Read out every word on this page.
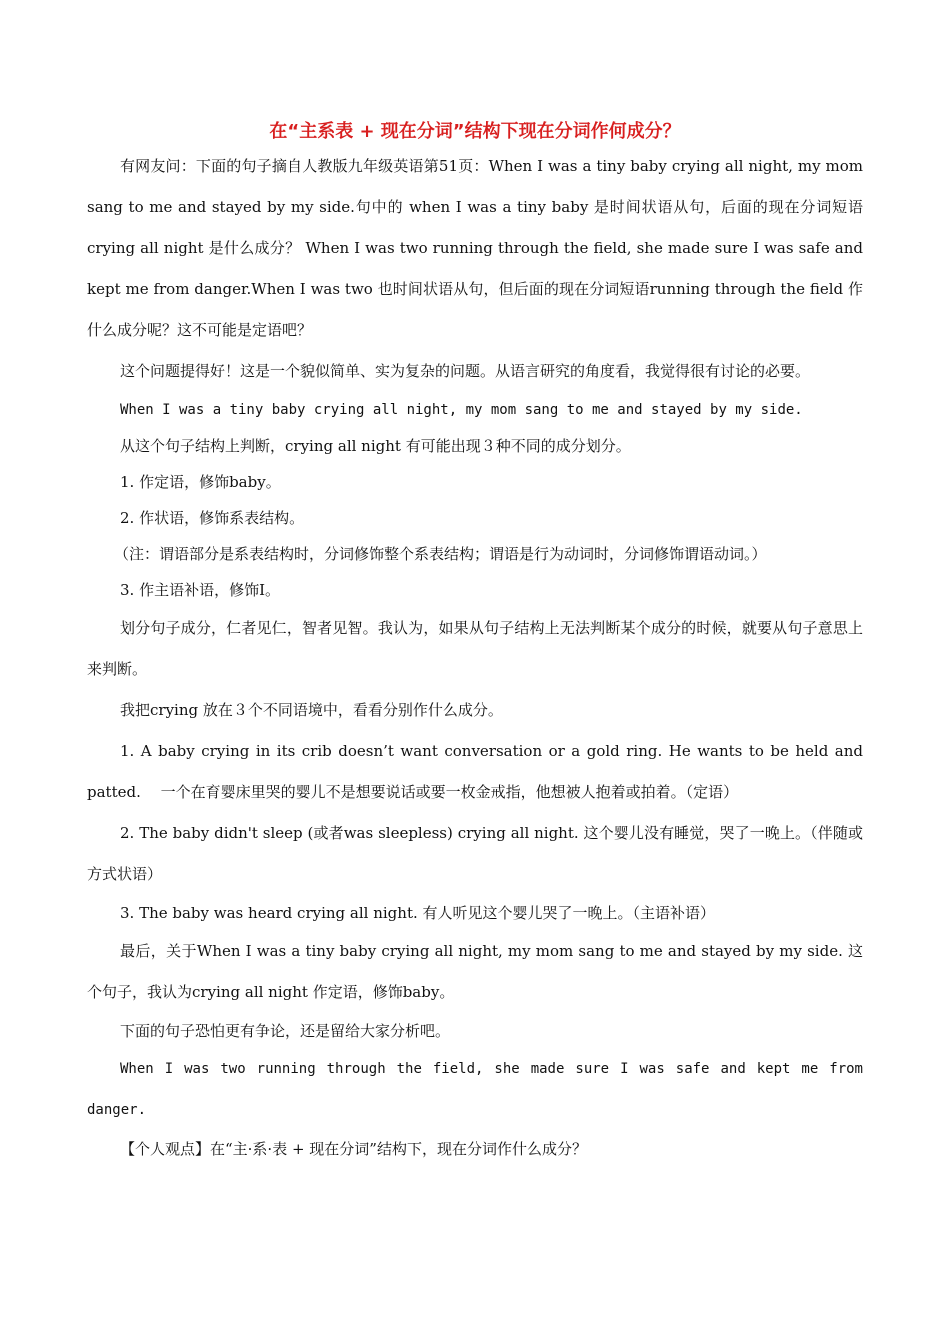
在“主系表 + 现在分词”结构下现在分词作何成分？

有网友问：下面的句子摘自人教版九年级英语第51页：When I was a tiny baby crying all night, my mom sang to me and stayed by my side.句中的 when I was a tiny baby 是时间状语从句，后面的现在分词短语 crying all night 是什么成分？ When I was two running through the field, she made sure I was safe and kept me from danger.When I was two 也时间状语从句，但后面的现在分词短语running through the field 作什么成分呢？这不可能是定语吧？

这个问题提得好！这是一个貌似简单、实为复杂的问题。从语言研究的角度看，我觉得很有讨论的必要。

When I was a tiny baby crying all night, my mom sang to me and stayed by my side.

从这个句子结构上判断，crying all night 有可能出现３种不同的成分划分。

1. 作定语，修饰baby。

2. 作状语，修饰系表结构。

（注：谓语部分是系表结构时，分词修饰整个系表结构；谓语是行为动词时，分词修饰谓语动词。）

3. 作主语补语，修饰I。

划分句子成分，仁者见仁，智者见智。我认为，如果从句子结构上无法判断某个成分的时候，就要从句子意思上来判断。

我把crying 放在３个不同语境中，看看分别作什么成分。

1. A baby crying in its crib doesn’t want conversation or a gold ring. He wants to be held and patted.　 一个在育婴床里哭的婴儿不是想要说话或要一枚金戒指，他想被人抱着或拍着。（定语）

2. The baby didn't sleep (或者was sleepless) crying all night. 这个婴儿没有睡觉，哭了一晚上。（伴随或方式状语）

3. The baby was heard crying all night. 有人听见这个婴儿哭了一晚上。（主语补语）

最后，关于When I was a tiny baby crying all night, my mom sang to me and stayed by my side. 这个句子，我认为crying all night 作定语，修饰baby。

下面的句子恐怕更有争论，还是留给大家分析吧。

When I was two running through the field, she made sure I was safe and kept me from danger.

【个人观点】在“主·系·表 + 现在分词”结构下，现在分词作什么成分？
